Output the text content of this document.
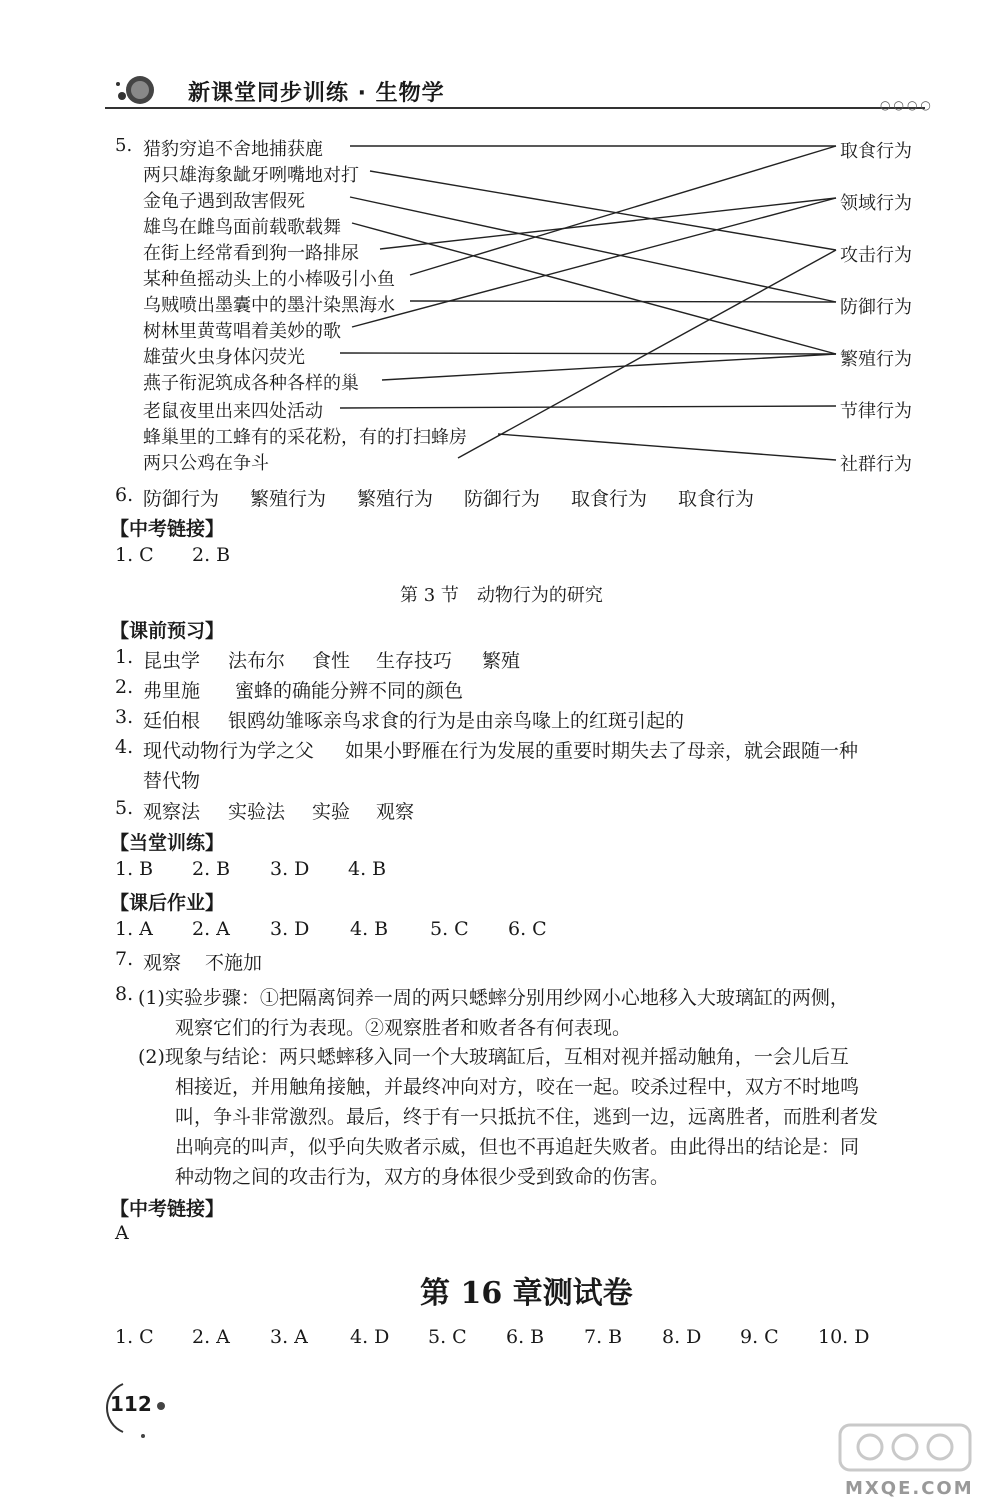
新课堂同步训练 · 生物学	○○○○
5. 猎豹穷追不舍地捕获鹿
两只雄海象龇牙咧嘴地对打
金龟子遇到敌害假死
雄鸟在雌鸟面前载歌载舞
在街上经常看到狗一路排尿
某种鱼摇动头上的小棒吸引小鱼
乌贼喷出墨囊中的墨汁染黑海水
树林里黄莺唱着美妙的歌
雄萤火虫身体闪荧光
燕子衔泥筑成各种各样的巢
老鼠夜里出来四处活动
蜂巢里的工蜂有的采花粉，有的打扫蜂房
两只公鸡在争斗
取食行为
领域行为
攻击行为
防御行为
繁殖行为
节律行为
社群行为
6. 防御行为 繁殖行为 繁殖行为 防御行为 取食行为 取食行为
【中考链接】
1. C 2. B
第 3 节　动物行为的研究
【课前预习】
1. 昆虫学 法布尔 食性 生存技巧 繁殖
2. 弗里施 蜜蜂的确能分辨不同的颜色
3. 廷伯根 银鸥幼雏啄亲鸟求食的行为是由亲鸟喙上的红斑引起的
4. 现代动物行为学之父 如果小野雁在行为发展的重要时期失去了母亲，就会跟随一种
替代物
5. 观察法 实验法 实验 观察
【当堂训练】
1. B 2. B 3. D 4. B
【课后作业】
1. A 2. A 3. D 4. B 5. C 6. C
7. 观察 不施加
8. (1)实验步骤：①把隔离饲养一周的两只蟋蟀分别用纱网小心地移入大玻璃缸的两侧，
观察它们的行为表现。②观察胜者和败者各有何表现。
(2)现象与结论：两只蟋蟀移入同一个大玻璃缸后，互相对视并摇动触角，一会儿后互
相接近，并用触角接触，并最终冲向对方，咬在一起。咬杀过程中，双方不时地鸣
叫，争斗非常激烈。最后，终于有一只抵抗不住，逃到一边，远离胜者，而胜利者发
出响亮的叫声，似乎向失败者示威，但也不再追赶失败者。由此得出的结论是：同
种动物之间的攻击行为，双方的身体很少受到致命的伤害。
【中考链接】
A
第 16 章测试卷
1. C 2. A 3. A 4. D 5. C 6. B 7. B 8. D 9. C 10. D
112
MXQE.COM
